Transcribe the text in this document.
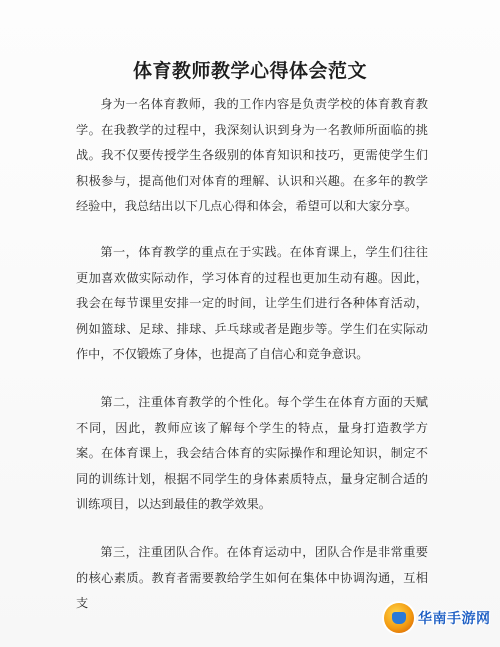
体育教师教学心得体会范文

身为一名体育教师，我的工作内容是负责学校的体育教育教学。在我教学的过程中，我深刻认识到身为一名教师所面临的挑战。我不仅要传授学生各级别的体育知识和技巧，更需使学生们积极参与，提高他们对体育的理解、认识和兴趣。在多年的教学经验中，我总结出以下几点心得和体会，希望可以和大家分享。

第一，体育教学的重点在于实践。在体育课上，学生们往往更加喜欢做实际动作，学习体育的过程也更加生动有趣。因此，我会在每节课里安排一定的时间，让学生们进行各种体育活动，例如篮球、足球、排球、乒乓球或者是跑步等。学生们在实际动作中，不仅锻炼了身体，也提高了自信心和竞争意识。

第二，注重体育教学的个性化。每个学生在体育方面的天赋不同，因此，教师应该了解每个学生的特点，量身打造教学方案。在体育课上，我会结合体育的实际操作和理论知识，制定不同的训练计划，根据不同学生的身体素质特点，量身定制合适的训练项目，以达到最佳的教学效果。

第三，注重团队合作。在体育运动中，团队合作是非常重要的核心素质。教育者需要教给学生如何在集体中协调沟通，互相支

华南手游网
